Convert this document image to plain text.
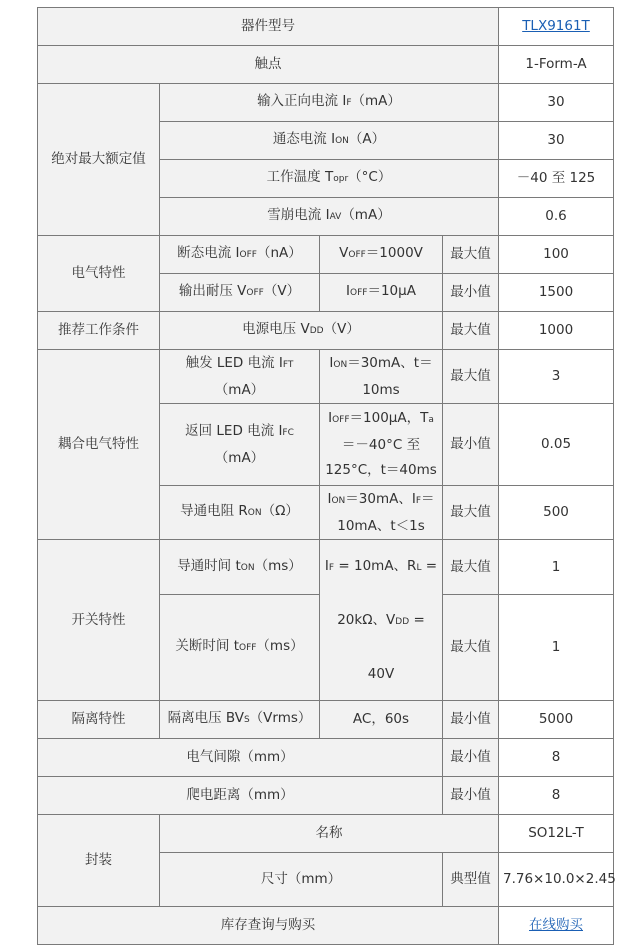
器件型号				TLX9161T
触点				1-Form-A
绝对最大额定值	输入正向电流 IF（mA）			30
	通态电流 ION（A）			30
	工作温度 Topr（°C）			－40 至 125
	雪崩电流 IAV（mA）			0.6
电气特性	断态电流 IOFF（nA）	VOFF＝1000V	最大值	100
	输出耐压 VOFF（V）	IOFF＝10μA	最小值	1500
推荐工作条件	电源电压 VDD（V）		最大值	1000
耦合电气特性	触发 LED 电流 IFT（mA）	ION＝30mA、t＝10ms	最大值	3
	返回 LED 电流 IFC（mA）	IOFF＝100μA，Ta＝－40°C 至 125°C，t＝40ms	最小值	0.05
	导通电阻 RON（Ω）	ION＝30mA、IF＝10mA、t＜1s	最大值	500
开关特性	导通时间 tON（ms）	IF = 10mA、RL = 20kΩ、VDD = 40V	最大值	1
	关断时间 tOFF（ms）		最大值	1
隔离特性	隔离电压 BVS（Vrms）	AC，60s	最小值	5000
电气间隙（mm）			最小值	8
爬电距离（mm）			最小值	8
封装	名称			SO12L-T
	尺寸（mm）		典型值	7.76×10.0×2.45
库存查询与购买				在线购买
